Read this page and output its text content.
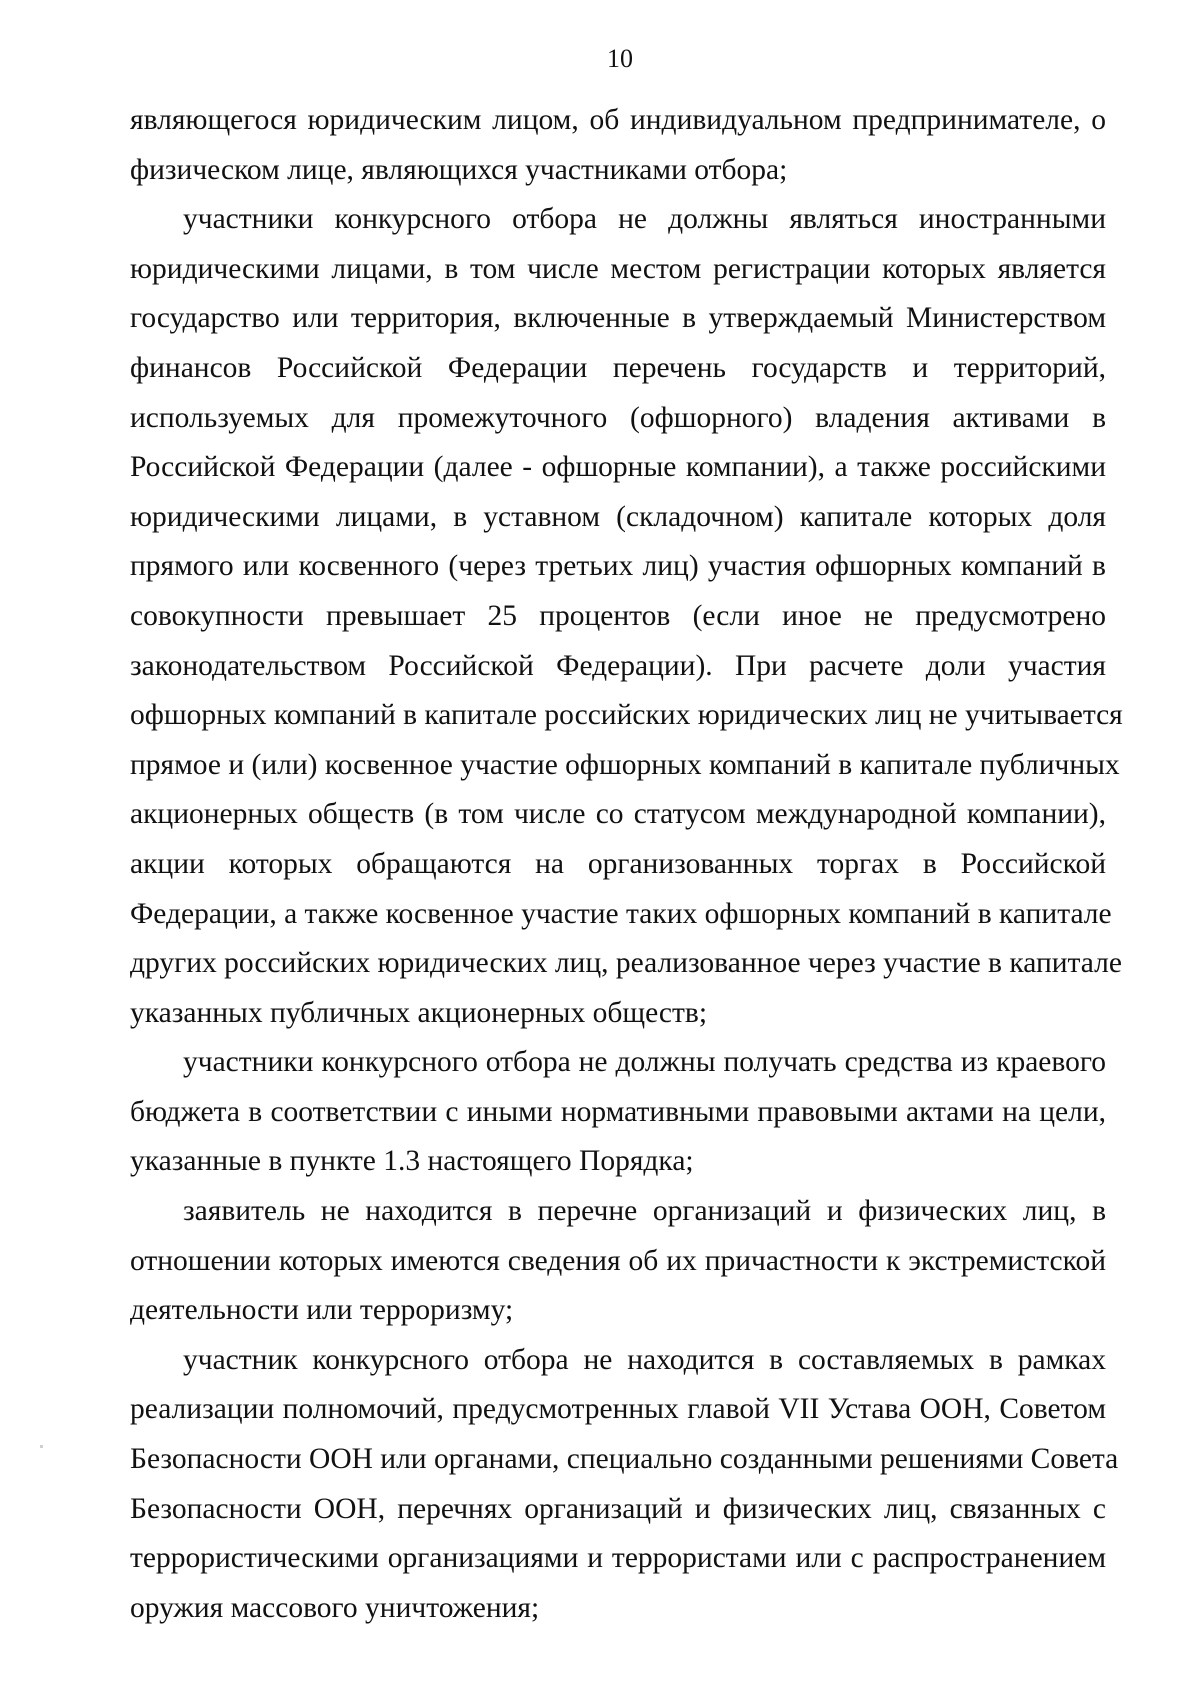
10
являющегося юридическим лицом, об индивидуальном предпринимателе, о
физическом лице, являющихся участниками отбора;
участники конкурсного отбора не должны являться иностранными
юридическими лицами, в том числе местом регистрации которых является
государство или территория, включенные в утверждаемый Министерством
финансов Российской Федерации перечень государств и территорий,
используемых для промежуточного (офшорного) владения активами в
Российской Федерации (далее - офшорные компании), а также российскими
юридическими лицами, в уставном (складочном) капитале которых доля
прямого или косвенного (через третьих лиц) участия офшорных компаний в
совокупности превышает 25 процентов (если иное не предусмотрено
законодательством Российской Федерации). При расчете доли участия
офшорных компаний в капитале российских юридических лиц не учитывается
прямое и (или) косвенное участие офшорных компаний в капитале публичных
акционерных обществ (в том числе со статусом международной компании),
акции которых обращаются на организованных торгах в Российской
Федерации, а также косвенное участие таких офшорных компаний в капитале
других российских юридических лиц, реализованное через участие в капитале
указанных публичных акционерных обществ;
участники конкурсного отбора не должны получать средства из краевого
бюджета в соответствии с иными нормативными правовыми актами на цели,
указанные в пункте 1.3 настоящего Порядка;
заявитель не находится в перечне организаций и физических лиц, в
отношении которых имеются сведения об их причастности к экстремистской
деятельности или терроризму;
участник конкурсного отбора не находится в составляемых в рамках
реализации полномочий, предусмотренных главой VII Устава ООН, Советом
Безопасности ООН или органами, специально созданными решениями Совета
Безопасности ООН, перечнях организаций и физических лиц, связанных с
террористическими организациями и террористами или с распространением
оружия массового уничтожения;
